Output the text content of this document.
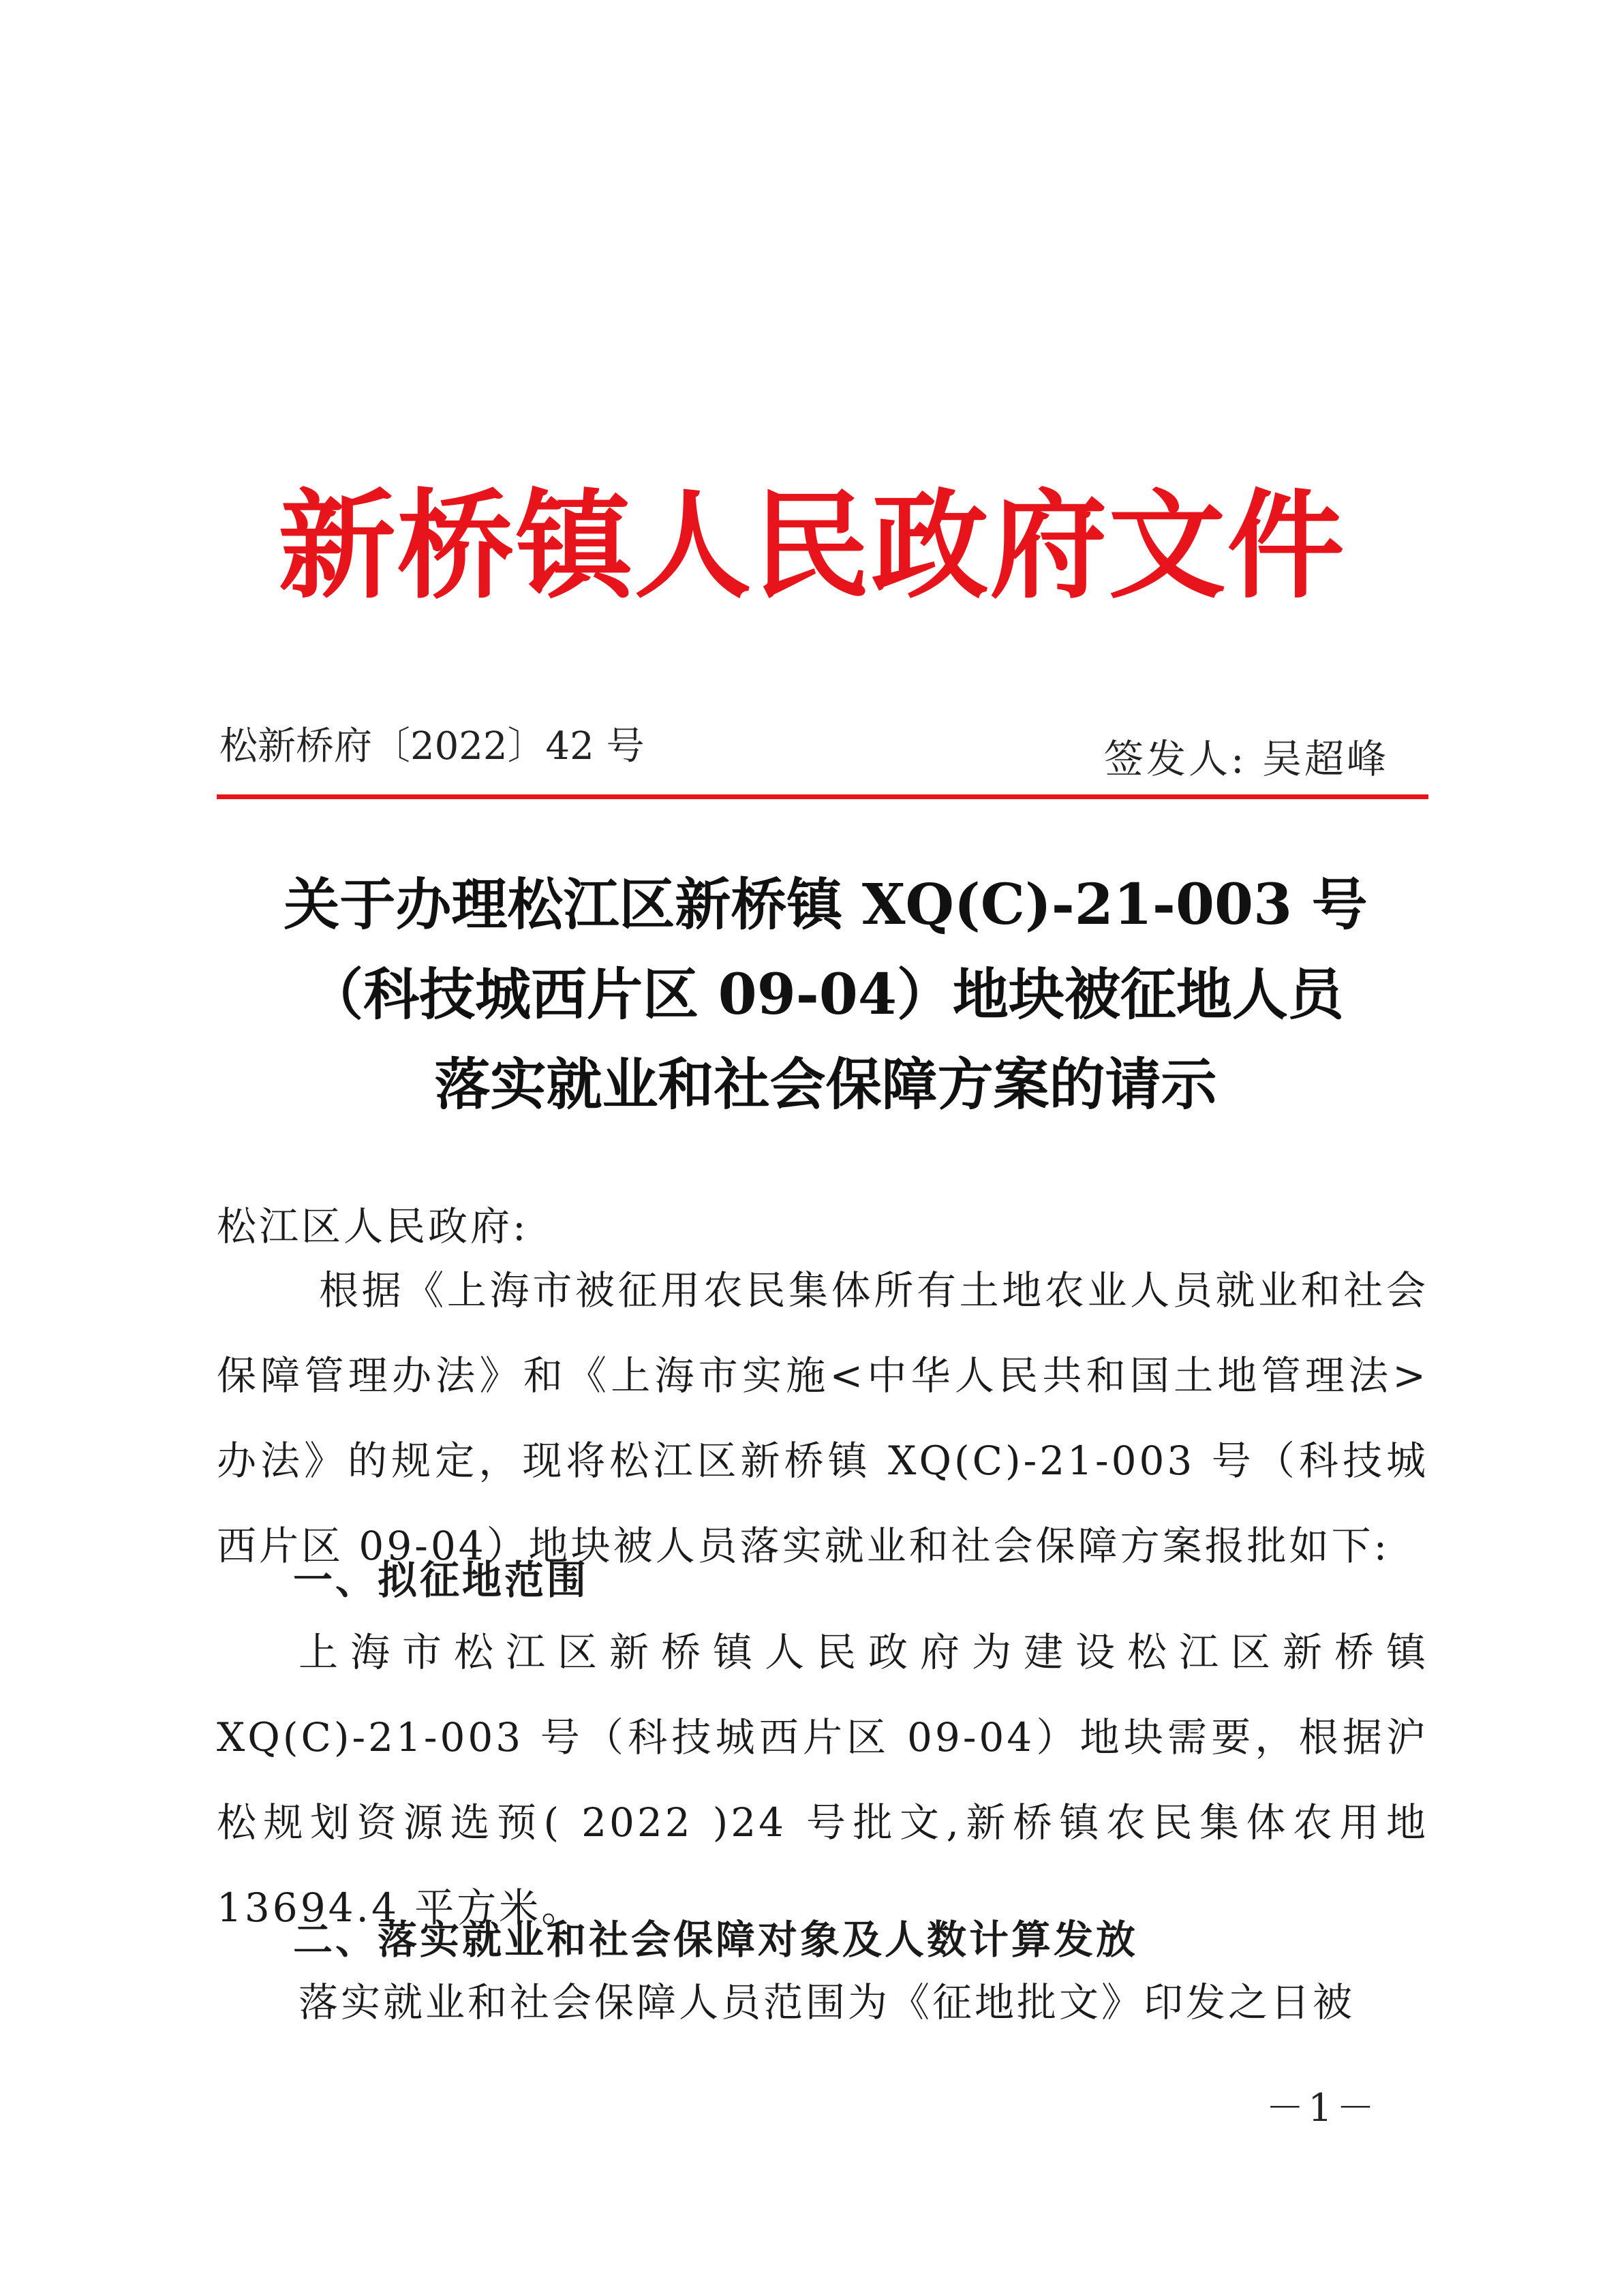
新桥镇人民政府文件
松新桥府〔2022〕42 号	签发人: 吴超峰
关于办理松江区新桥镇 XQ(C)-21-003 号
（科技城西片区 09-04）地块被征地人员
落实就业和社会保障方案的请示
松江区人民政府:
根据《上海市被征用农民集体所有土地农业人员就业和社会保障管理办法》和《上海市实施<中华人民共和国土地管理法>办法》的规定，现将松江区新桥镇 XQ(C)-21-003 号（科技城西片区 09-04）地块被人员落实就业和社会保障方案报批如下:
一、拟征地范围
上海市松江区新桥镇人民政府为建设松江区新桥镇 XQ(C)-21-003 号（科技城西片区 09-04）地块需要，根据沪松规划资源选预( 2022 )24 号批文,新桥镇农民集体农用地13694.4 平方米。
二、落实就业和社会保障对象及人数计算发放
落实就业和社会保障人员范围为《征地批文》印发之日被
－1－
